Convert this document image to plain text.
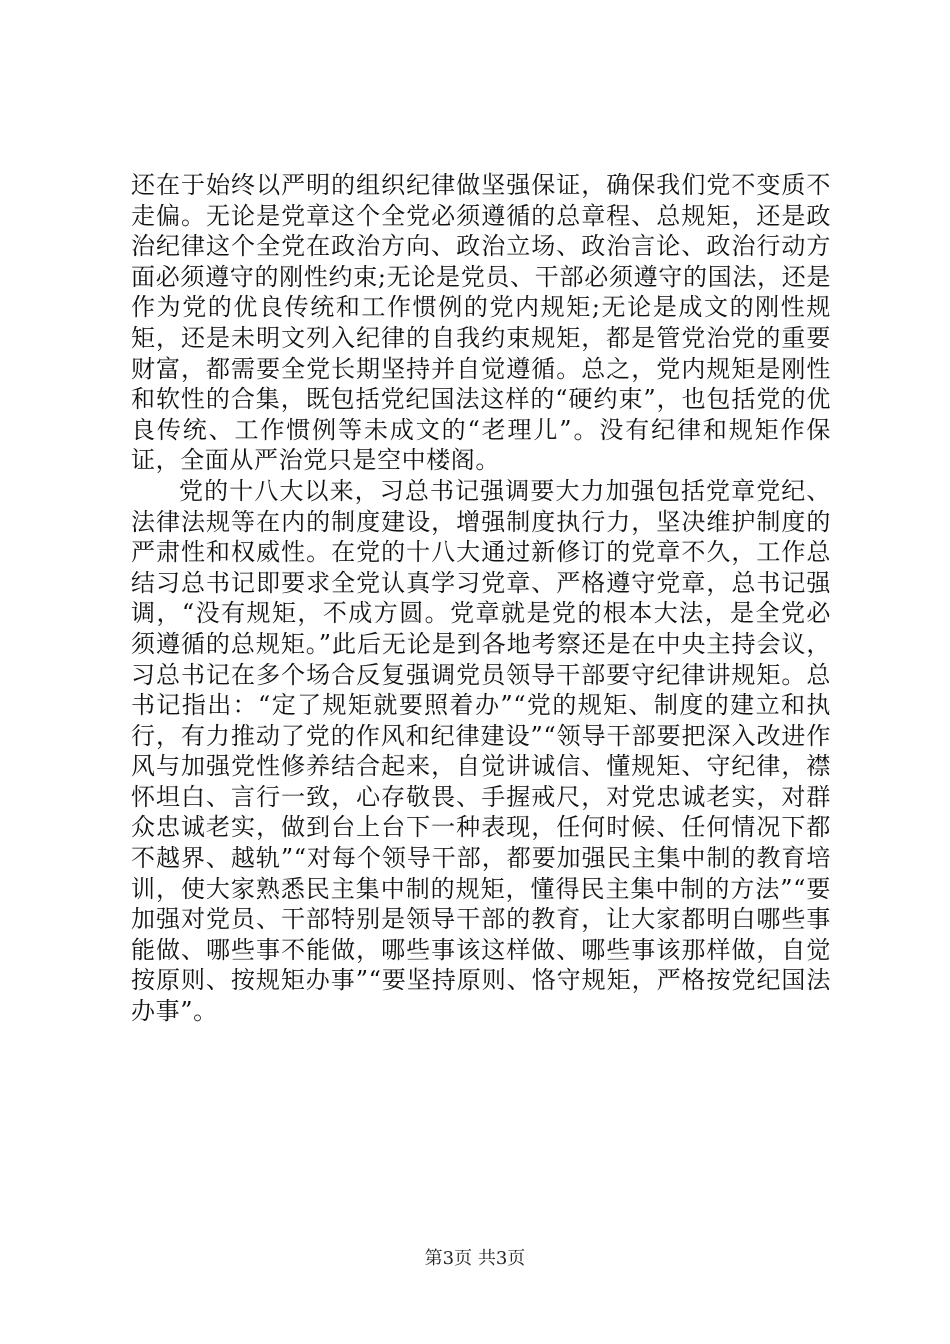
还在于始终以严明的组织纪律做坚强保证，确保我们党不变质不走偏。无论是党章这个全党必须遵循的总章程、总规矩，还是政治纪律这个全党在政治方向、政治立场、政治言论、政治行动方面必须遵守的刚性约束;无论是党员、干部必须遵守的国法，还是作为党的优良传统和工作惯例的党内规矩;无论是成文的刚性规矩，还是未明文列入纪律的自我约束规矩，都是管党治党的重要财富，都需要全党长期坚持并自觉遵循。总之，党内规矩是刚性和软性的合集，既包括党纪国法这样的“硬约束”，也包括党的优良传统、工作惯例等未成文的“老理儿”。没有纪律和规矩作保证，全面从严治党只是空中楼阁。

党的十八大以来，习总书记强调要大力加强包括党章党纪、法律法规等在内的制度建设，增强制度执行力，坚决维护制度的严肃性和权威性。在党的十八大通过新修订的党章不久，工作总结习总书记即要求全党认真学习党章、严格遵守党章，总书记强调，“没有规矩，不成方圆。党章就是党的根本大法，是全党必须遵循的总规矩。”此后无论是到各地考察还是在中央主持会议，习总书记在多个场合反复强调党员领导干部要守纪律讲规矩。总书记指出：“定了规矩就要照着办”“党的规矩、制度的建立和执行，有力推动了党的作风和纪律建设”“领导干部要把深入改进作风与加强党性修养结合起来，自觉讲诚信、懂规矩、守纪律，襟怀坦白、言行一致，心存敬畏、手握戒尺，对党忠诚老实，对群众忠诚老实，做到台上台下一种表现，任何时候、任何情况下都不越界、越轨”“对每个领导干部，都要加强民主集中制的教育培训，使大家熟悉民主集中制的规矩，懂得民主集中制的方法”“要加强对党员、干部特别是领导干部的教育，让大家都明白哪些事能做、哪些事不能做，哪些事该这样做、哪些事该那样做，自觉按原则、按规矩办事”“要坚持原则、恪守规矩，严格按党纪国法办事”。

第3页 共3页
